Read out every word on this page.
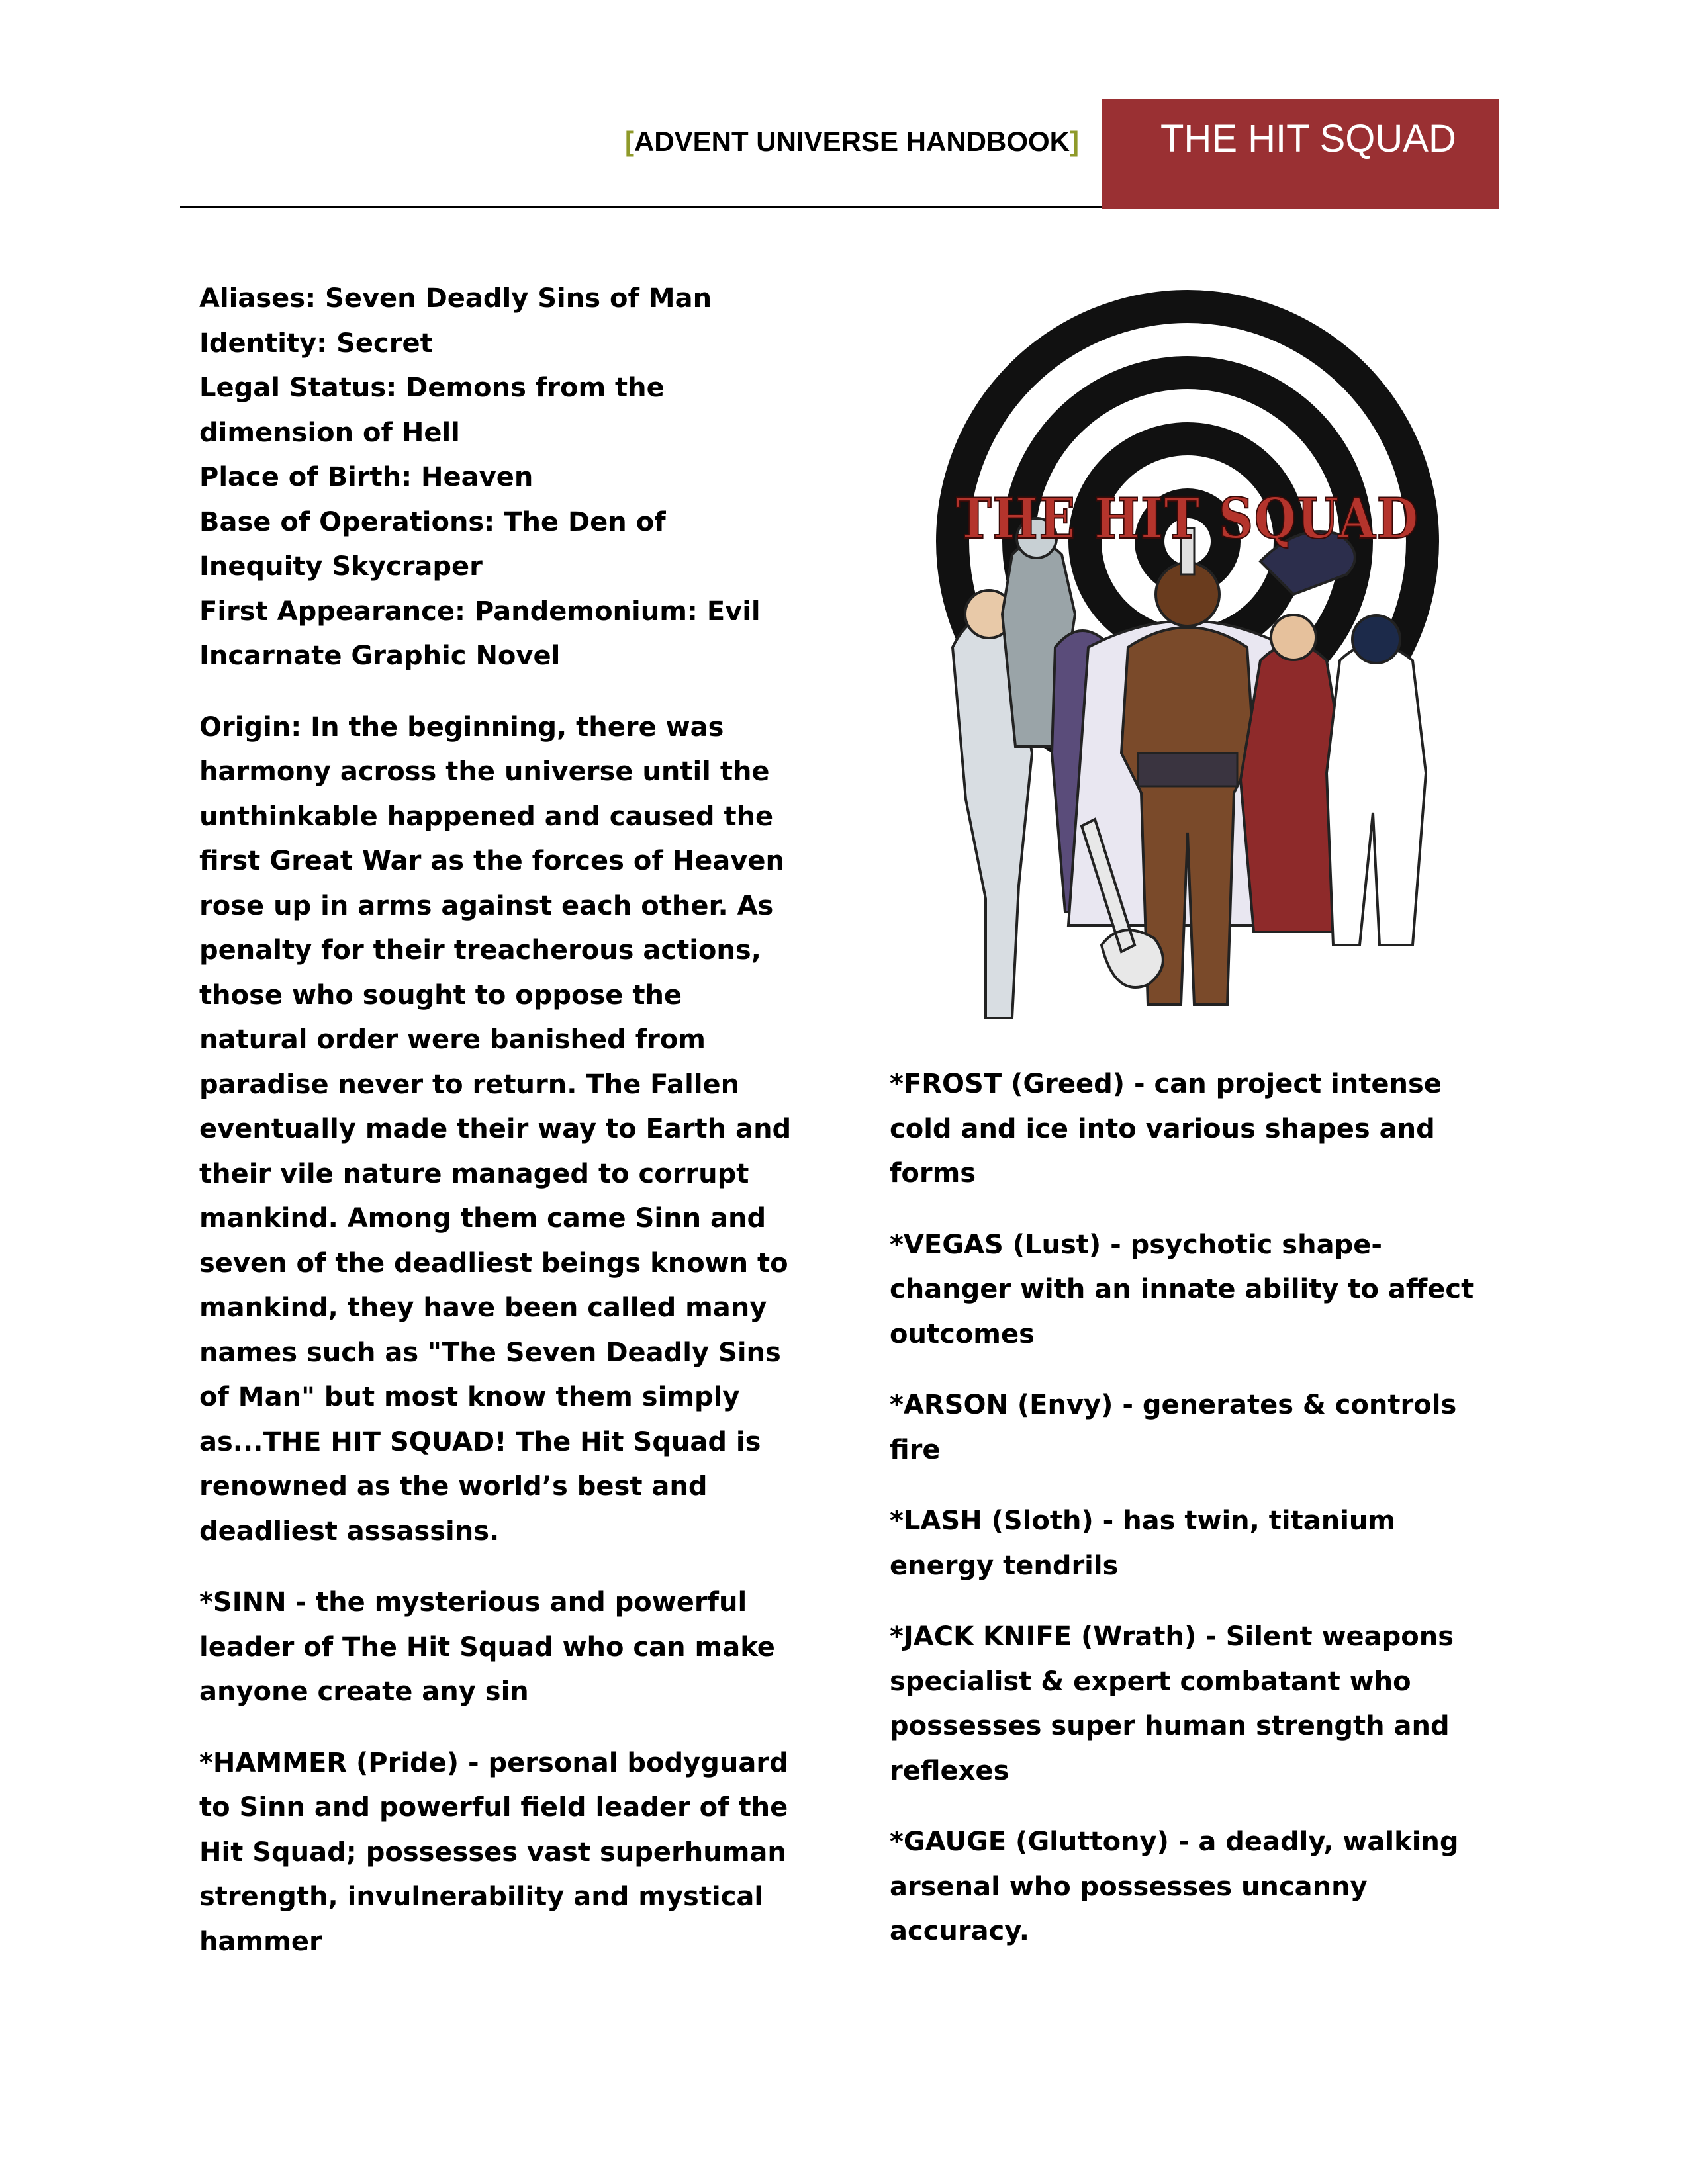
[ADVENT UNIVERSE HANDBOOK]	THE HIT SQUAD
Aliases: Seven Deadly Sins of Man
Identity: Secret
Legal Status: Demons from the
dimension of Hell
Place of Birth: Heaven
Base of Operations: The Den of
Inequity Skycraper
First Appearance: Pandemonium: Evil
Incarnate Graphic Novel
Origin: In the beginning, there was
harmony across the universe until the
unthinkable happened and caused the
first Great War as the forces of Heaven
rose up in arms against each other. As
penalty for their treacherous actions,
those who sought to oppose the
natural order were banished from
paradise never to return. The Fallen
eventually made their way to Earth and
their vile nature managed to corrupt
mankind. Among them came Sinn and
seven of the deadliest beings known to
mankind, they have been called many
names such as "The Seven Deadly Sins
of Man" but most know them simply
as...THE HIT SQUAD! The Hit Squad is
renowned as the world’s best and
deadliest assassins.
*SINN - the mysterious and powerful
leader of The Hit Squad who can make
anyone create any sin
*HAMMER (Pride) - personal bodyguard
to Sinn and powerful field leader of the
Hit Squad; possesses vast superhuman
strength, invulnerability and mystical
hammer
THE HIT SQUAD
*FROST (Greed) - can project intense
cold and ice into various shapes and
forms
*VEGAS (Lust) - psychotic shape-
changer with an innate ability to affect
outcomes
*ARSON (Envy) - generates & controls
fire
*LASH (Sloth) - has twin, titanium
energy tendrils
*JACK KNIFE (Wrath) - Silent weapons
specialist & expert combatant who
possesses super human strength and
reflexes
*GAUGE (Gluttony) - a deadly, walking
arsenal who possesses uncanny
accuracy.
